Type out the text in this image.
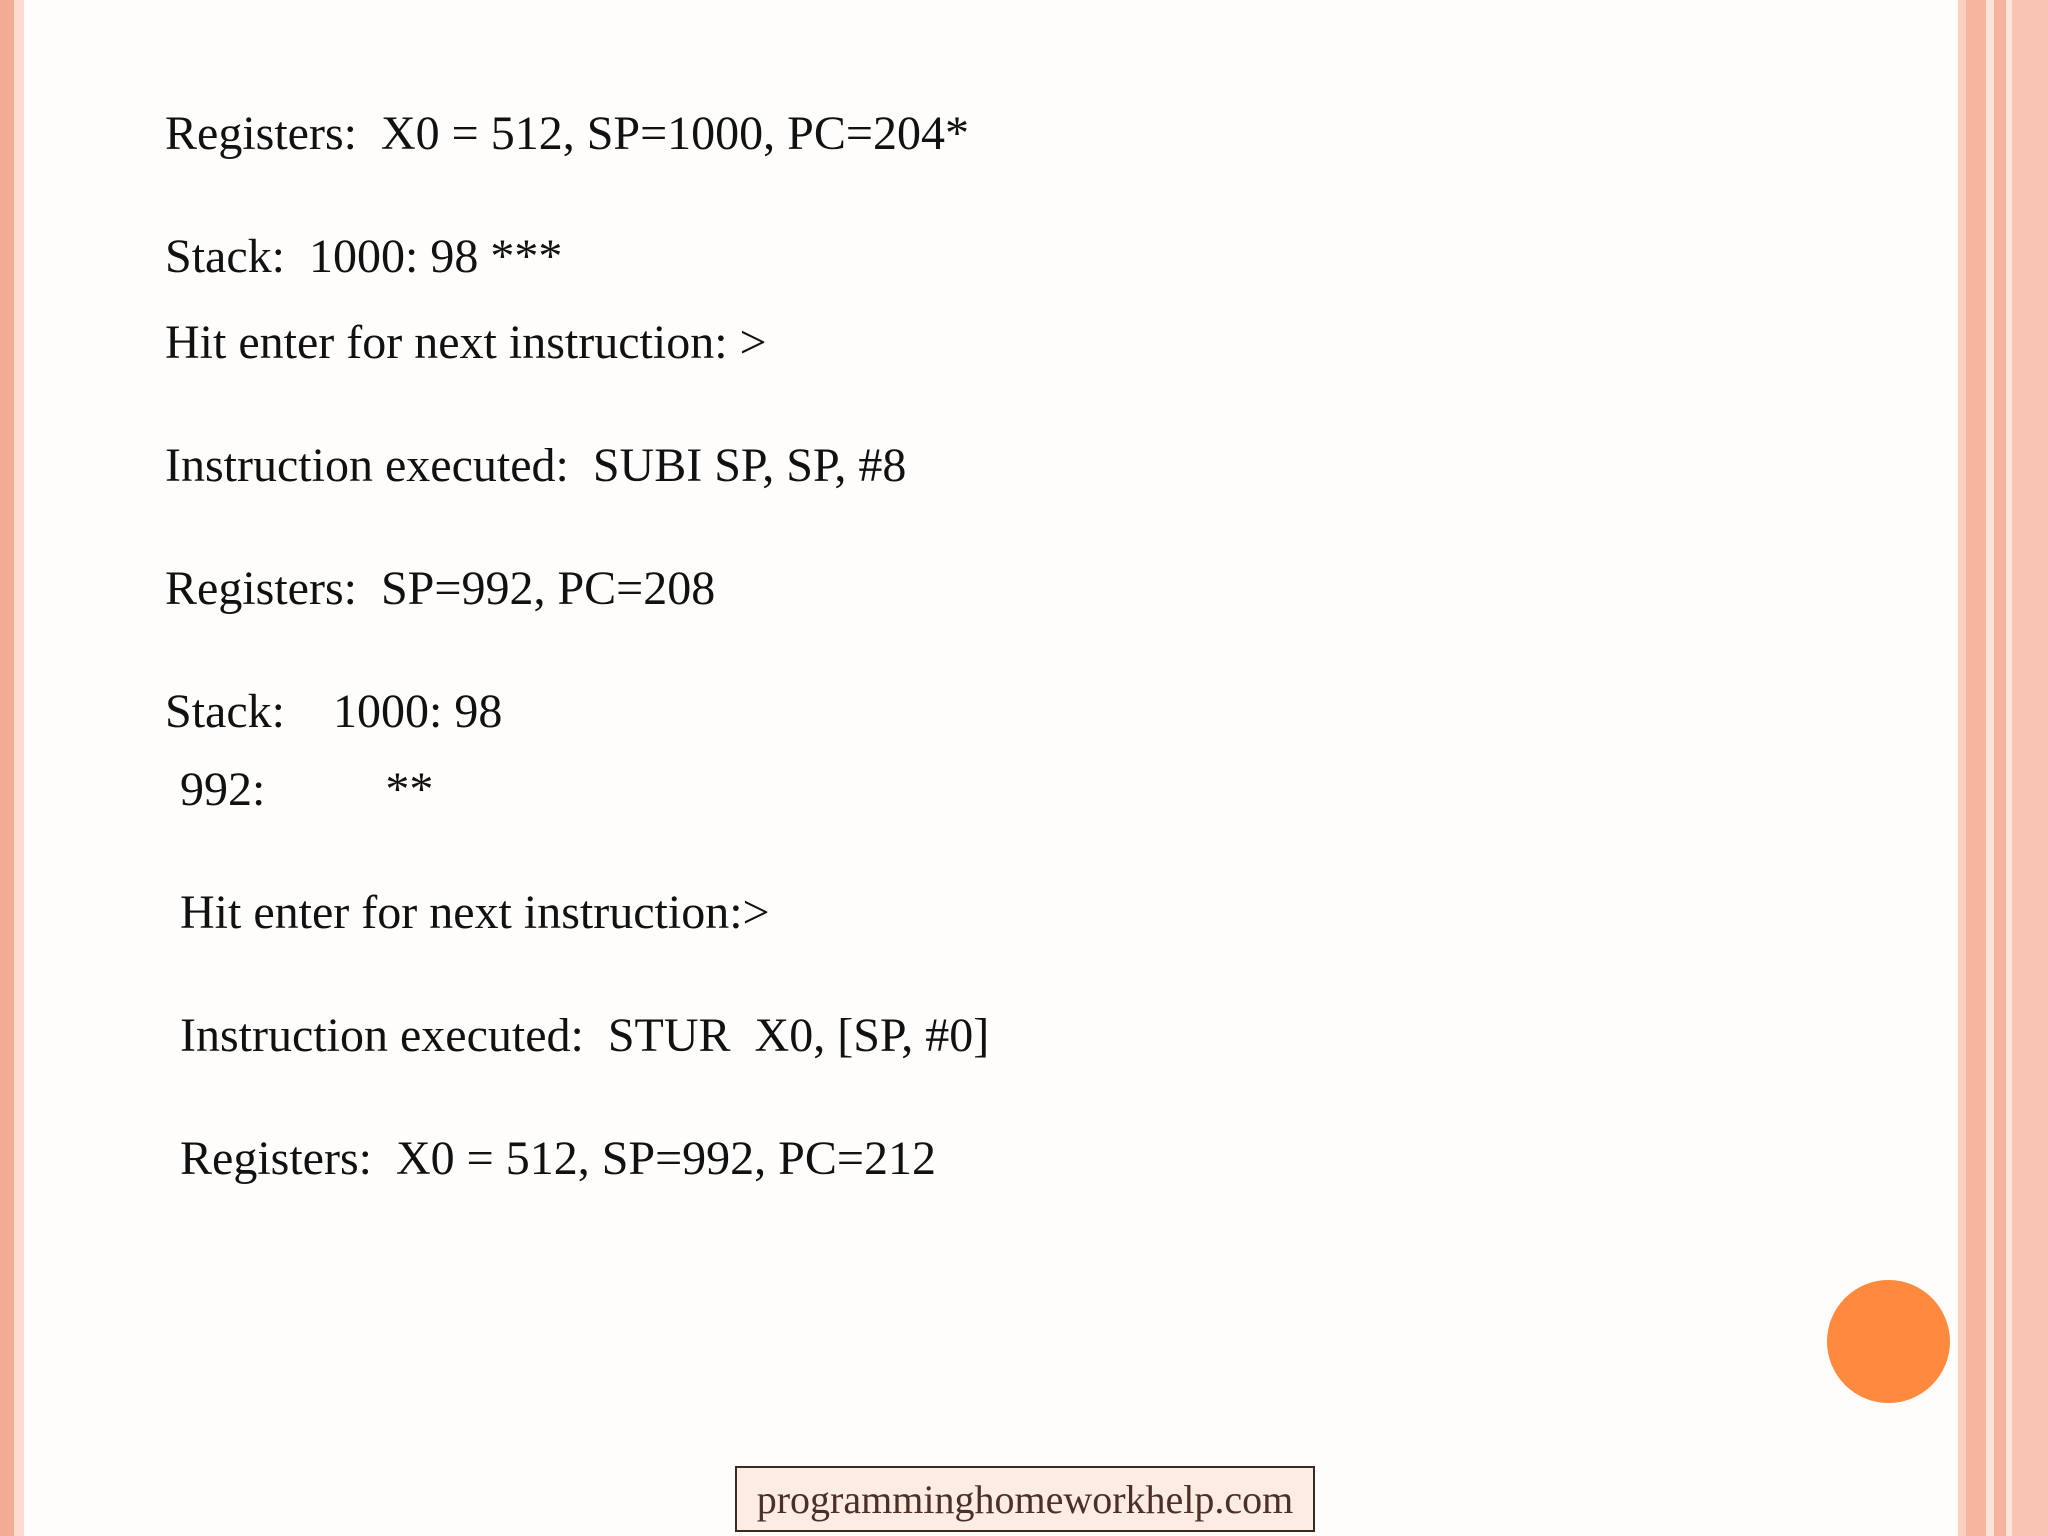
Registers:  X0 = 512, SP=1000, PC=204*

Stack:  1000: 98 ***

Hit enter for next instruction: >

Instruction executed:  SUBI SP, SP, #8

Registers:  SP=992, PC=208

Stack:    1000: 98

992:          **

Hit enter for next instruction:>

Instruction executed:  STUR  X0, [SP, #0]

Registers:  X0 = 512, SP=992, PC=212

programminghomeworkhelp.com
